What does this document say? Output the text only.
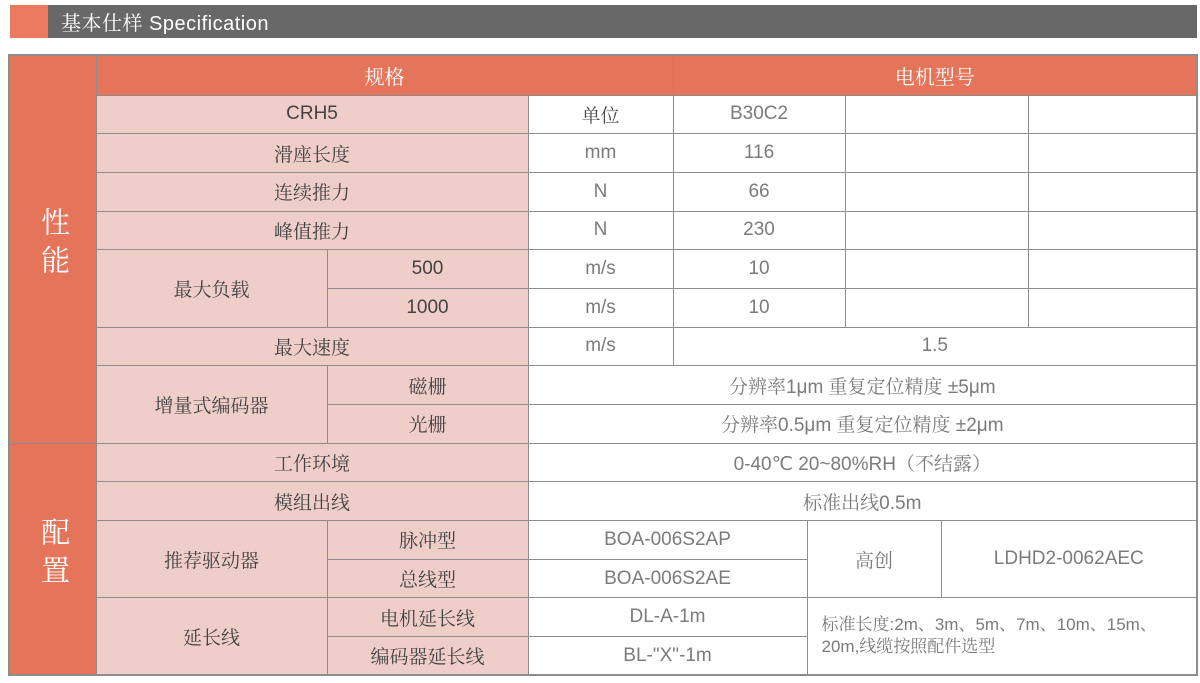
基本仕样 Specification
性能	规格			电机型号				
	CRH5		单位	B30C2				
	滑座长度		mm	116				
	连续推力		N	66				
	峰值推力		N	230				
	最大负载	500	m/s	10				
		1000	m/s	10				
	最大速度		m/s	1.5				
	增量式编码器	磁栅	分辨率1μm 重复定位精度 ±5μm					
		光栅	分辨率0.5μm 重复定位精度 ±2μm					
配置	工作环境		0-40℃ 20~80%RH（不结露）					
	模组出线		标准出线0.5m					
	推荐驱动器	脉冲型	BOA-006S2AP		高创		LDHD2-0062AEC	
		总线型	BOA-006S2AE					
	延长线	电机延长线	DL-A-1m		标准长度:2m、3m、5m、7m、10m、15m、20m,线缆按照配件选型			
		编码器延长线	BL-"X"-1m					
